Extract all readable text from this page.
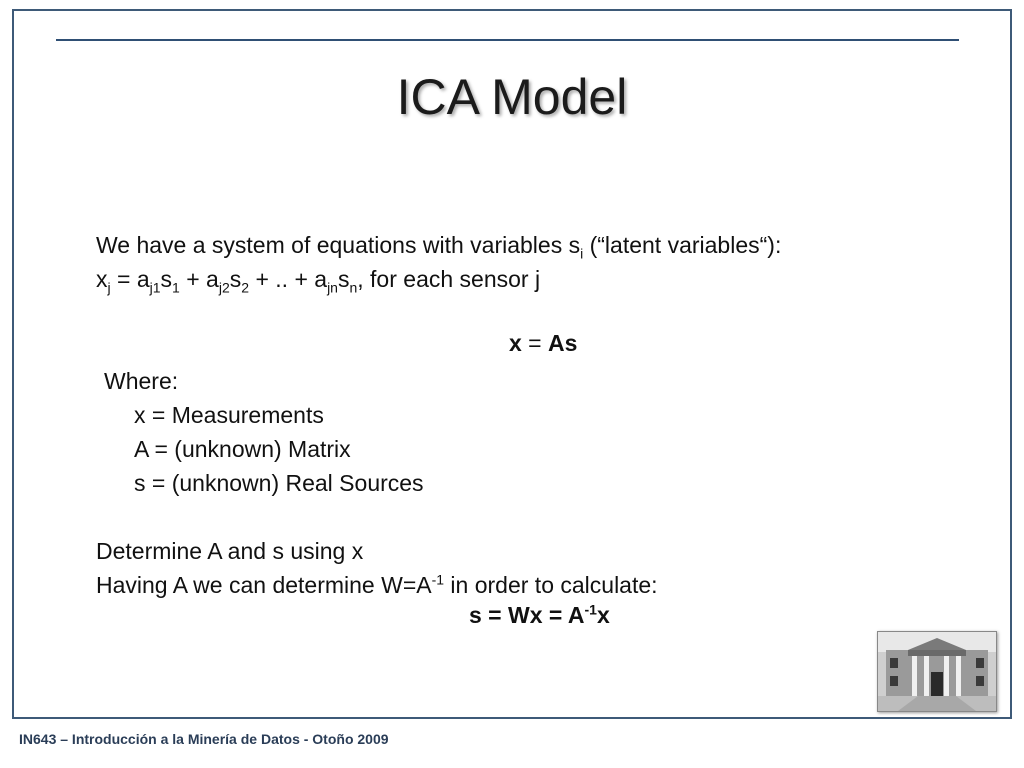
ICA Model
We have a system of equations with variables $s_i$ (“latent variables“):
$x_j = a_{j1}s_1 + a_{j2}s_2$ + .. + $a_{jn}s_n$, for each sensor j
Where:
x = Measurements
A = (unknown) Matrix
s = (unknown) Real Sources
Determine A and s using x
Having A we can determine $W=A^{-1}$ in order to calculate:
x = As
$s = Wx = A^{-1}x$
IN643 – Introducción a la Minería de Datos - Otoño 2009
